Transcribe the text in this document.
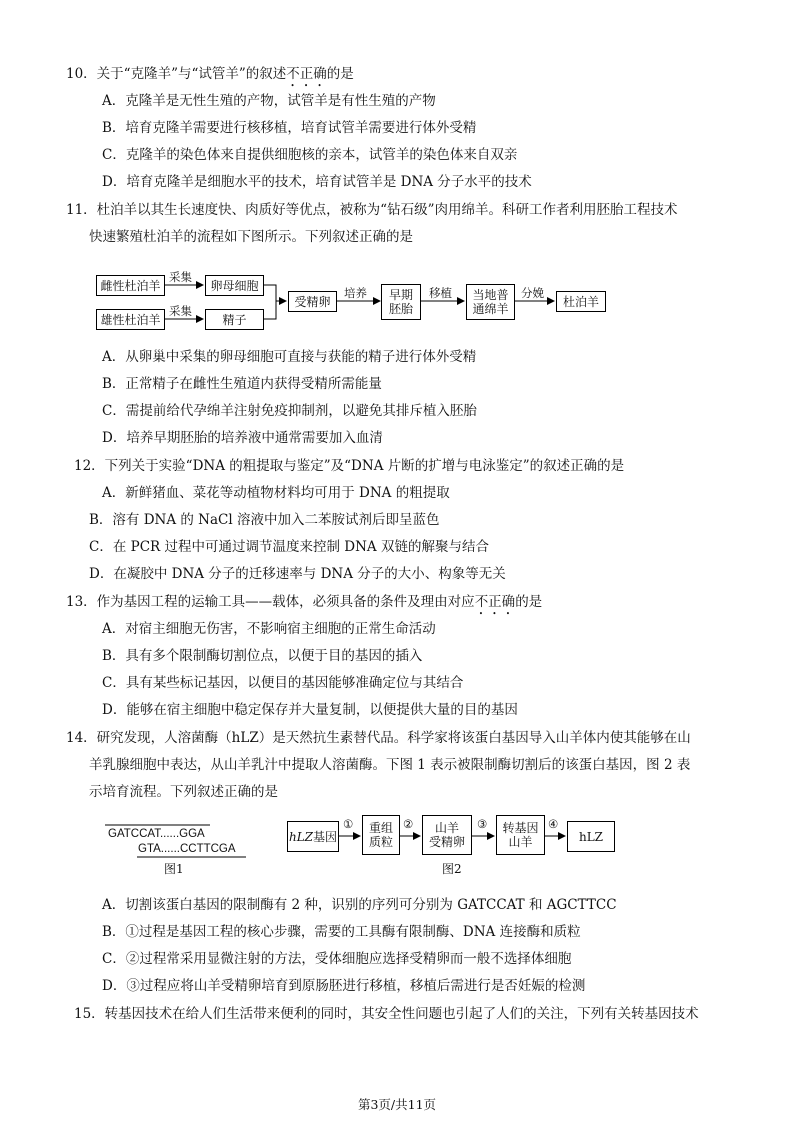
10．关于“克隆羊”与“试管羊”的叙述不正确的是
A．克隆羊是无性生殖的产物，试管羊是有性生殖的产物
B．培育克隆羊需要进行核移植，培育试管羊需要进行体外受精
C．克隆羊的染色体来自提供细胞核的亲本，试管羊的染色体来自双亲
D．培育克隆羊是细胞水平的技术，培育试管羊是 DNA 分子水平的技术
11．杜泊羊以其生长速度快、肉质好等优点，被称为“钻石级”肉用绵羊。科研工作者利用胚胎工程技术
快速繁殖杜泊羊的流程如下图所示。下列叙述正确的是
雌性杜泊羊
雄性杜泊羊
采集
采集
卵母细胞
精子
受精卵
培养 早期
胚胎
移植 当地普
通绵羊
分娩
杜泊羊
A．从卵巢中采集的卵母细胞可直接与获能的精子进行体外受精
B．正常精子在雌性生殖道内获得受精所需能量
C．需提前给代孕绵羊注射免疫抑制剂，以避免其排斥植入胚胎
D．培养早期胚胎的培养液中通常需要加入血清
12．下列关于实验“DNA 的粗提取与鉴定”及“DNA 片断的扩增与电泳鉴定”的叙述正确的是
A．新鲜猪血、菜花等动植物材料均可用于 DNA 的粗提取
B．溶有 DNA 的 NaCl 溶液中加入二苯胺试剂后即呈蓝色
C．在 PCR 过程中可通过调节温度来控制 DNA 双链的解聚与结合
D．在凝胶中 DNA 分子的迁移速率与 DNA 分子的大小、构象等无关
13．作为基因工程的运输工具——载体，必须具备的条件及理由对应不正确的是
A．对宿主细胞无伤害，不影响宿主细胞的正常生命活动
B．具有多个限制酶切割位点，以便于目的基因的插入
C．具有某些标记基因，以便目的基因能够准确定位与其结合
D．能够在宿主细胞中稳定保存并大量复制，以便提供大量的目的基因
14．研究发现，人溶菌酶（hLZ）是天然抗生素替代品。科学家将该蛋白基因导入山羊体内使其能够在山
羊乳腺细胞中表达，从山羊乳汁中提取人溶菌酶。下图 1 表示被限制酶切割后的该蛋白基因，图 2 表
示培育流程。下列叙述正确的是
GATCCAT......GGA
GTA......CCTTCGA
图1
hLZ 基因
① 重组
质粒
② 山羊
受精卵
③ 转基因
山羊
④
hLZ
图2
A．切割该蛋白基因的限制酶有 2 种，识别的序列可分别为 GATCCAT 和 AGCTTCC
B．①过程是基因工程的核心步骤，需要的工具酶有限制酶、DNA 连接酶和质粒
C．②过程常采用显微注射的方法，受体细胞应选择受精卵而一般不选择体细胞
D．③过程应将山羊受精卵培育到原肠胚进行移植，移植后需进行是否妊娠的检测
15．转基因技术在给人们生活带来便利的同时，其安全性问题也引起了人们的关注，下列有关转基因技术
第3页/共11页
